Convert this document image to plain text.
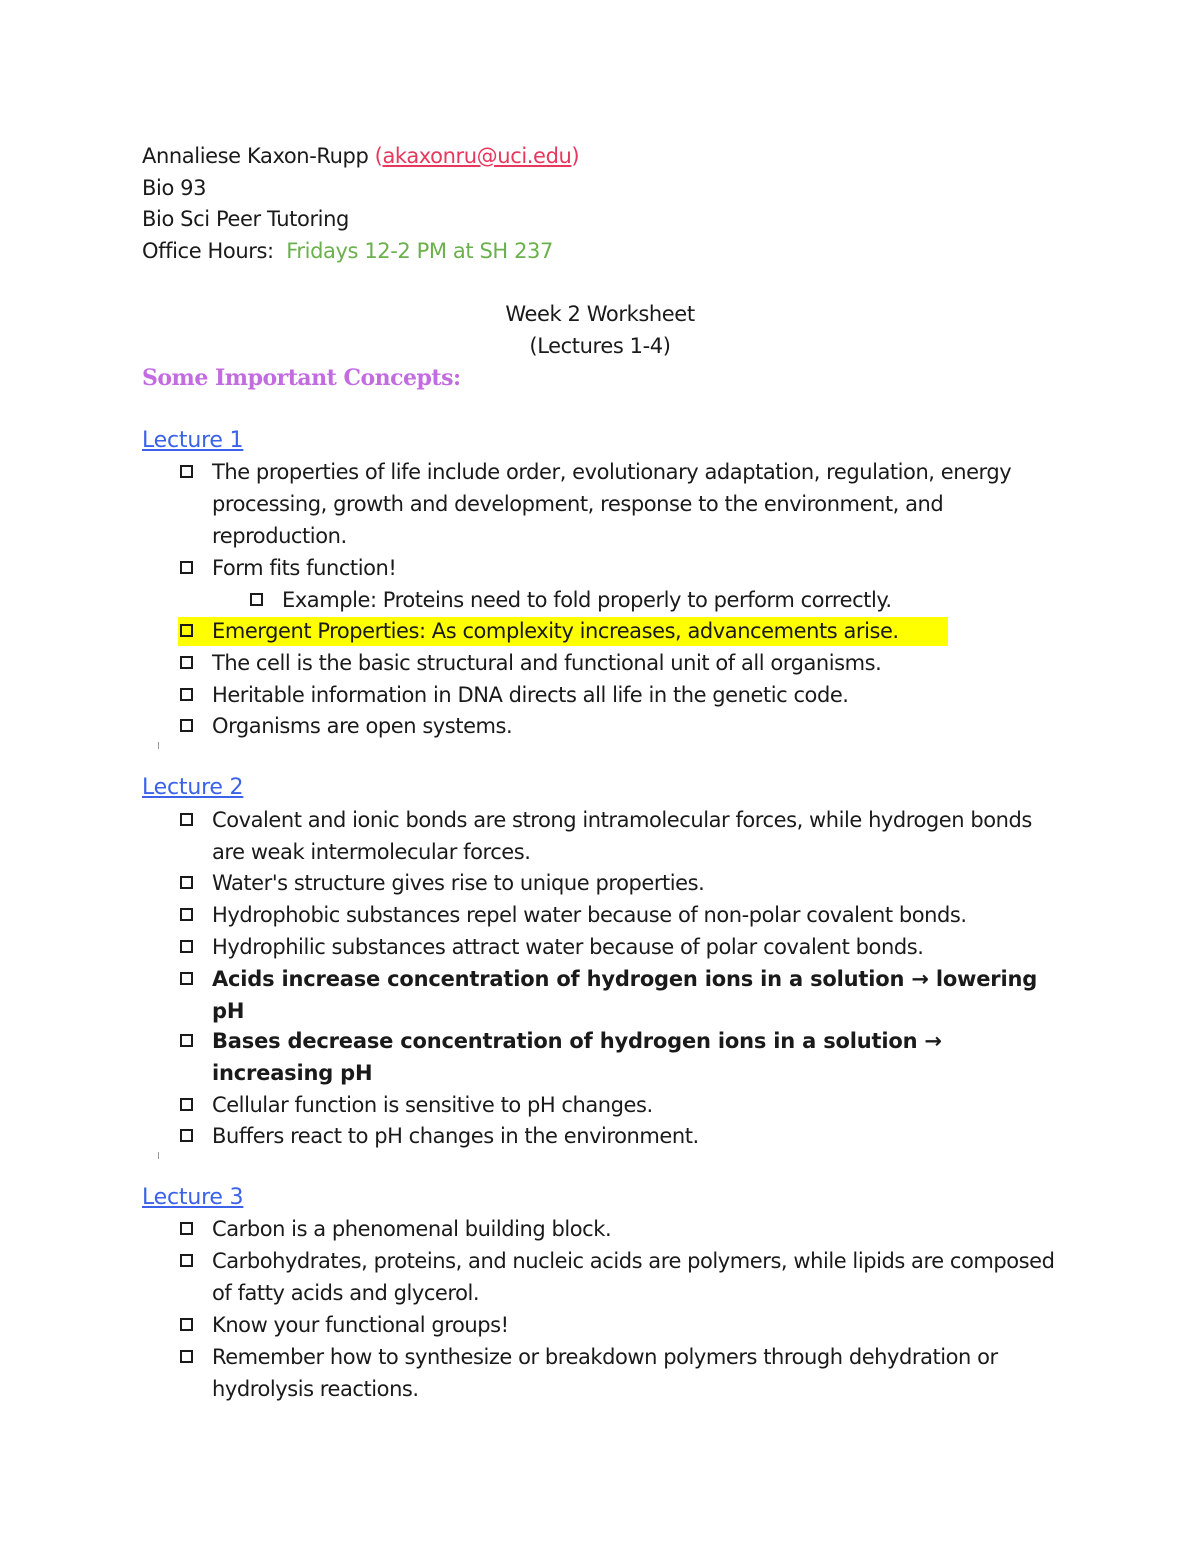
Annaliese Kaxon-Rupp (akaxonru@uci.edu)
Bio 93
Bio Sci Peer Tutoring
Office Hours: Fridays 12-2 PM at SH 237
Week 2 Worksheet
(Lectures 1-4)
Some Important Concepts:
Lecture 1
The properties of life include order, evolutionary adaptation, regulation, energy processing, growth and development, response to the environment, and reproduction.
Form fits function!
Example: Proteins need to fold properly to perform correctly.
Emergent Properties: As complexity increases, advancements arise.
The cell is the basic structural and functional unit of all organisms.
Heritable information in DNA directs all life in the genetic code.
Organisms are open systems.
Lecture 2
Covalent and ionic bonds are strong intramolecular forces, while hydrogen bonds are weak intermolecular forces.
Water's structure gives rise to unique properties.
Hydrophobic substances repel water because of non-polar covalent bonds.
Hydrophilic substances attract water because of polar covalent bonds.
Acids increase concentration of hydrogen ions in a solution → lowering pH
Bases decrease concentration of hydrogen ions in a solution → increasing pH
Cellular function is sensitive to pH changes.
Buffers react to pH changes in the environment.
Lecture 3
Carbon is a phenomenal building block.
Carbohydrates, proteins, and nucleic acids are polymers, while lipids are composed of fatty acids and glycerol.
Know your functional groups!
Remember how to synthesize or breakdown polymers through dehydration or hydrolysis reactions.
